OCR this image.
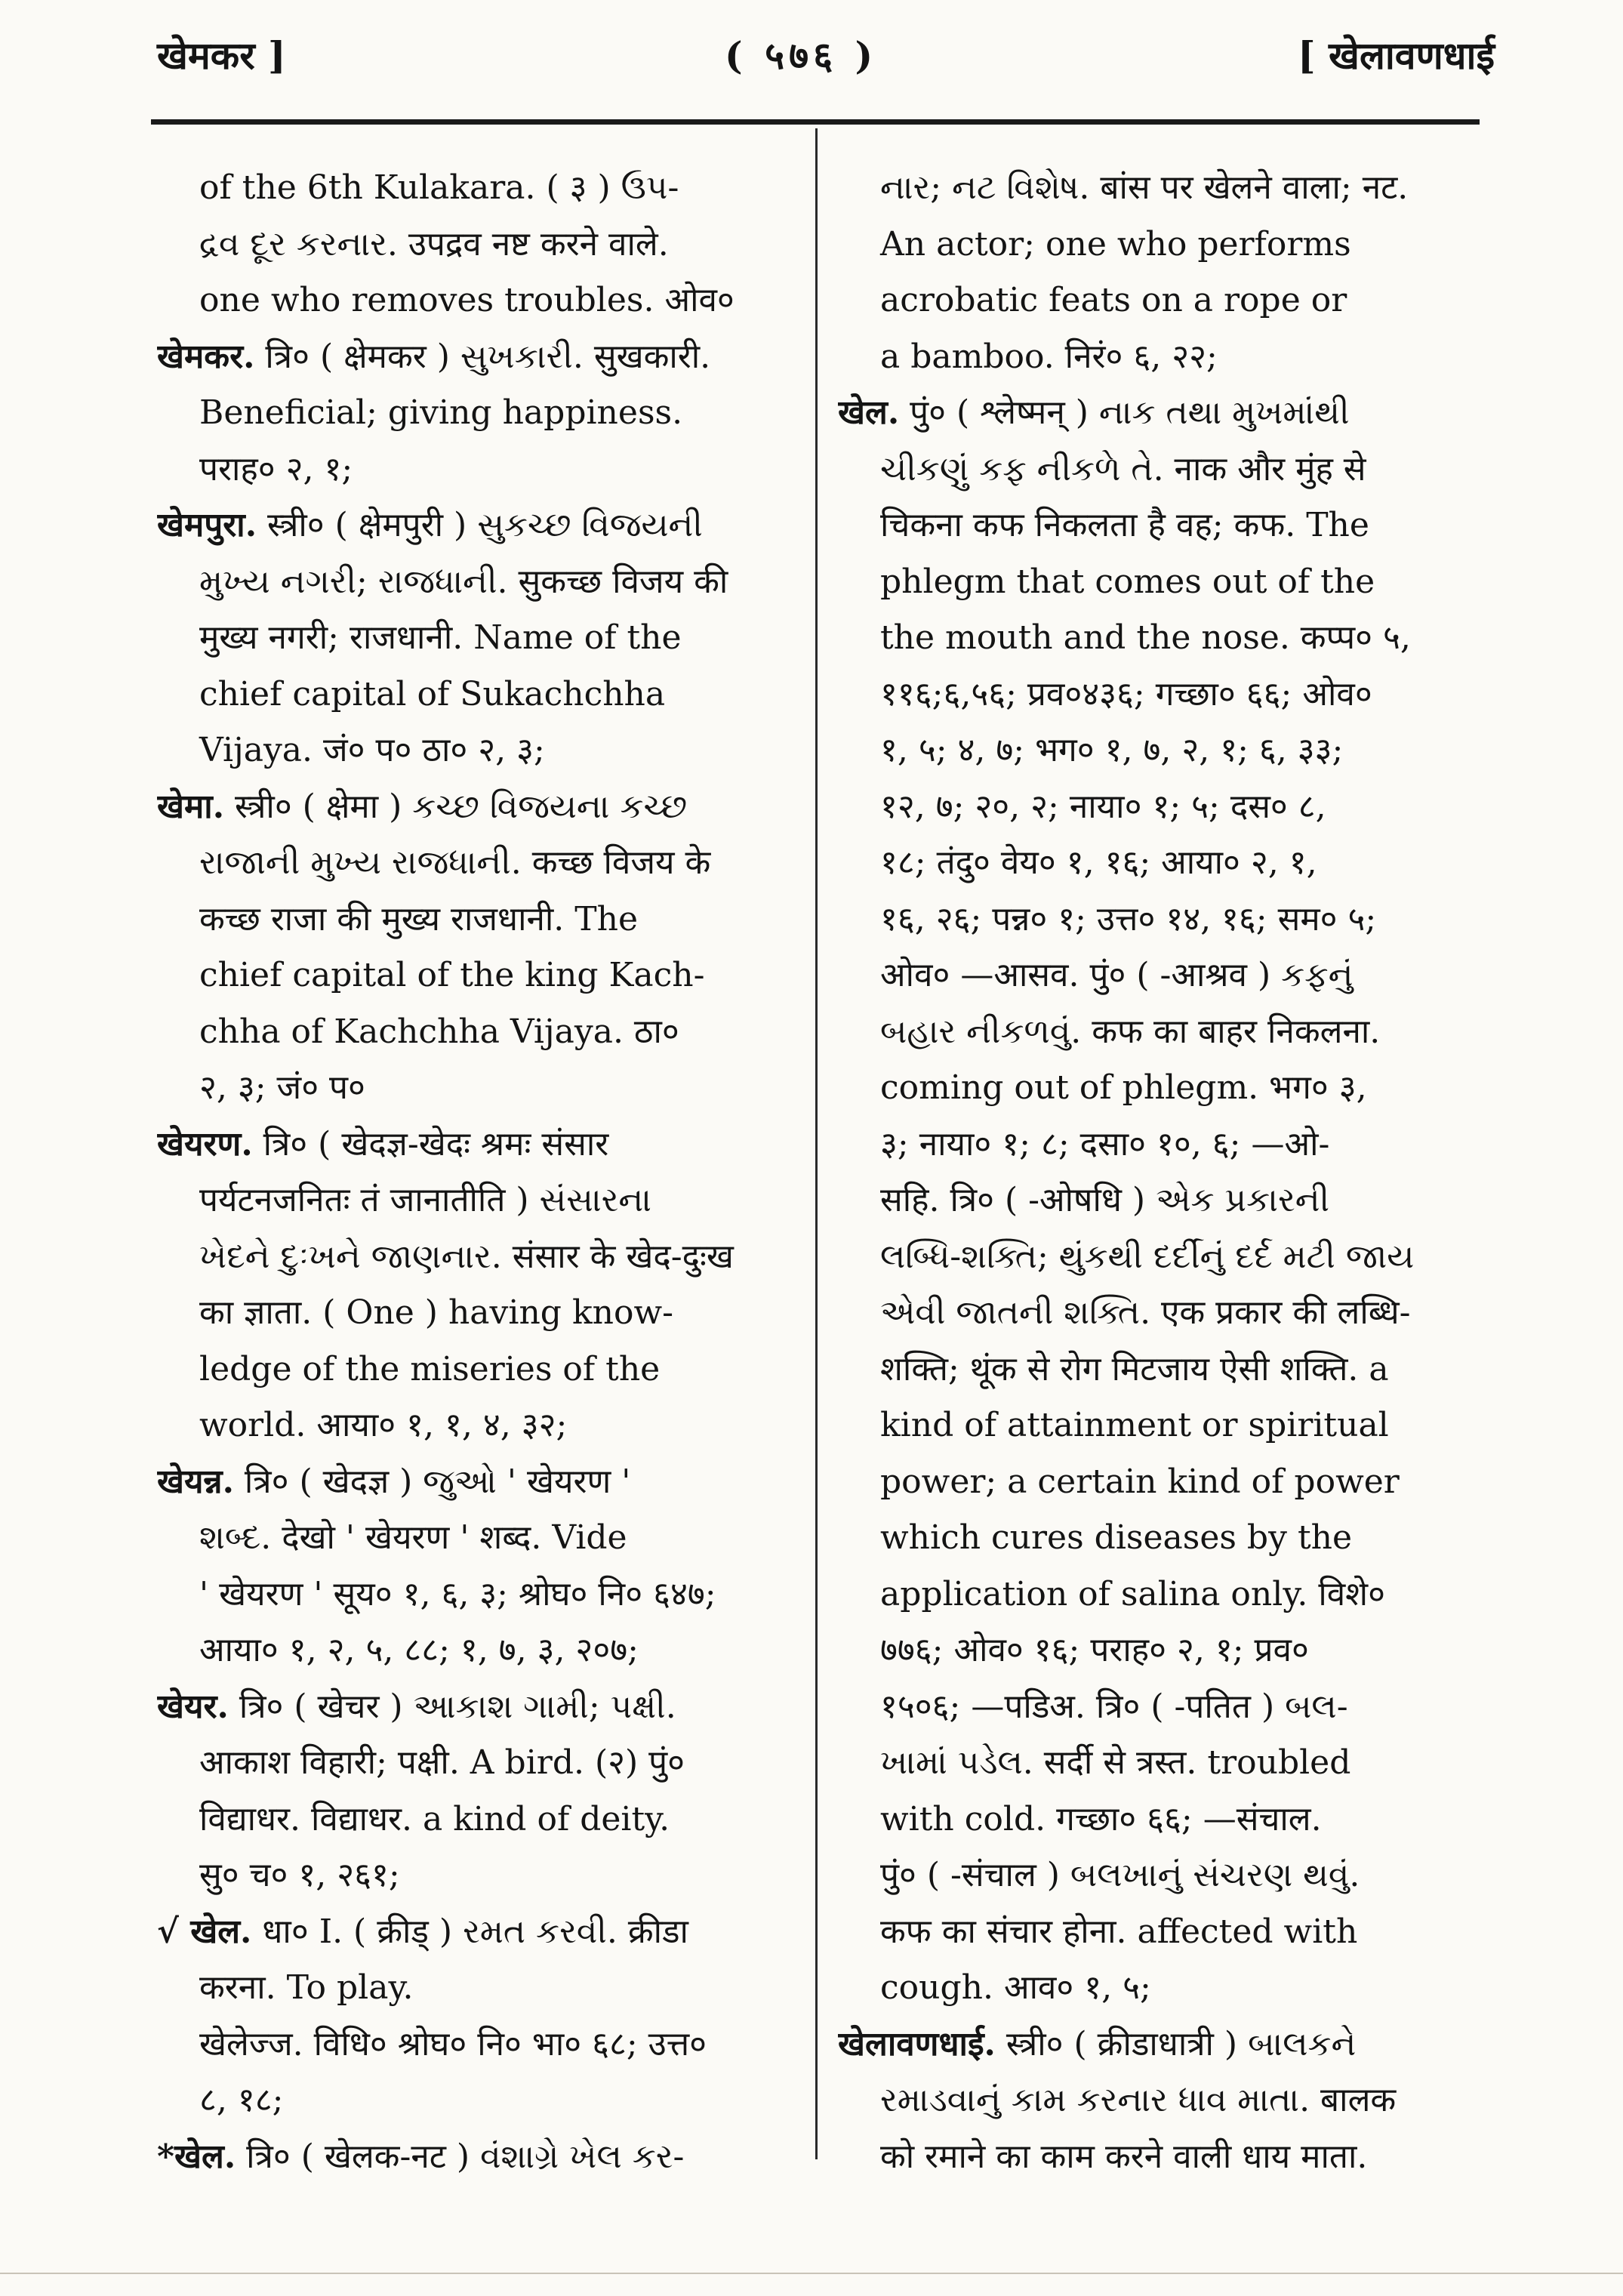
खेमकर ]	( ५७६ )	[ खेलावणधाई
of the 6th Kulakara. ( ३ ) ઉપ-
દ્રવ દૂર કરનાર. उपद्रव नष्ट करने वाले.
one who removes troubles. ओव०
खेमकर. त्रि० ( क्षेमकर ) સુખકારી. सुखकारी.
Beneficial; giving happiness.
पराह० २, १;
खेमपुरा. स्त्री० ( क्षेमपुरी ) સુકચ્છ વિજયની
મુખ્ય નગરી; રાજધાની. सुकच्छ विजय की
मुख्य नगरी; राजधानी. Name of the
chief capital of Sukachchha
Vijaya. जं० प० ठा० २, ३;
खेमा. स्त्री० ( क्षेमा ) કચ્છ વિજયના કચ્છ
રાજાની મુખ્ય રાજધાની. कच्छ विजय के
कच्छ राजा की मुख्य राजधानी. The
chief capital of the king Kach-
chha of Kachchha Vijaya. ठा०
२, ३; जं० प०
खेयरण. त्रि० ( खेदज्ञ-खेदः श्रमः संसार
पर्यटनजनितः तं जानातीति ) સંસારના
ખેદને દુઃખને જાણનાર. संसार के खेद-दुःख
का ज्ञाता. ( One ) having know-
ledge of the miseries of the
world. आया० १, १, ४, ३२;
खेयन्न. त्रि० ( खेदज्ञ ) જુઓ ' खेयरण '
શબ્દ. देखो ' खेयरण ' शब्द. Vide
' खेयरण ' सूय० १, ६, ३; श्रोघ० नि० ६४७;
आया० १, २, ५, ८८; १, ७, ३, २०७;
खेयर. त्रि० ( खेचर ) આકાશ ગામી; પક્ષી.
आकाश विहारी; पक्षी. A bird. (२) पुं०
विद्याधर. विद्याधर. a kind of deity.
सु० च० १, २६१;
√ खेल. धा० I. ( क्रीड् ) રમત કરવી. क्रीडा
करना. To play.
खेलेज्ज. विधि० श्रोघ० नि० भा० ६८; उत्त०
८, १८;
*खेल. त्रि० ( खेलक-नट ) વંશાગ્રે ખેલ કર-
નાર; નટ વિશેષ. बांस पर खेलने वाला; नट.
An actor; one who performs
acrobatic feats on a rope or
a bamboo. निरं० ६, २२;
खेल. पुं० ( श्लेष्मन् ) નાક તથા મુખમાંથી
ચીકણું કફ નીકળે તે. नाक और मुंह से
चिकना कफ निकलता है वह; कफ. The
phlegm that comes out of the
the mouth and the nose. कप्प० ५,
११६;६,५६; प्रव०४३६; गच्छा० ६६; ओव०
१, ५; ४, ७; भग० १, ७, २, १; ६, ३३;
१२, ७; २०, २; नाया० १; ५; दस० ८,
१८; तंदु० वेय० १, १६; आया० २, १,
१६, २६; पन्न० १; उत्त० १४, १६; सम० ५;
ओव० —आसव. पुं० ( -आश्रव ) કફનું
બહાર નીકળવું. कफ का बाहर निकलना.
coming out of phlegm. भग० ३,
३; नाया० १; ८; दसा० १०, ६; —ओ-
सहि. त्रि० ( -ओषधि ) એક પ્રકારની
લબ્ધિ-શક્તિ; થુંકથી દર્દીનું દર્દ મટી જાય
એવી જાતની શક્તિ. एक प्रकार की लब्धि-
शक्ति; थूंक से रोग मिटजाय ऐसी शक्ति. a
kind of attainment or spiritual
power; a certain kind of power
which cures diseases by the
application of salina only. विशे०
७७६; ओव० १६; पराह० २, १; प्रव०
१५०६; —पडिअ. त्रि० ( -पतित ) બલ-
ખામાં પડેલ. सर्दी से त्रस्त. troubled
with cold. गच्छा० ६६; —संचाल.
पुं० ( -संचाल ) બલખાનું સંચરણ થવું.
कफ का संचार होना. affected with
cough. आव० १, ५;
खेलावणधाई. स्त्री० ( क्रीडाधात्री ) બાલકને
રમાડવાનું કામ કરનાર ધાવ માતા. बालक
को रमाने का काम करने वाली धाय माता.
